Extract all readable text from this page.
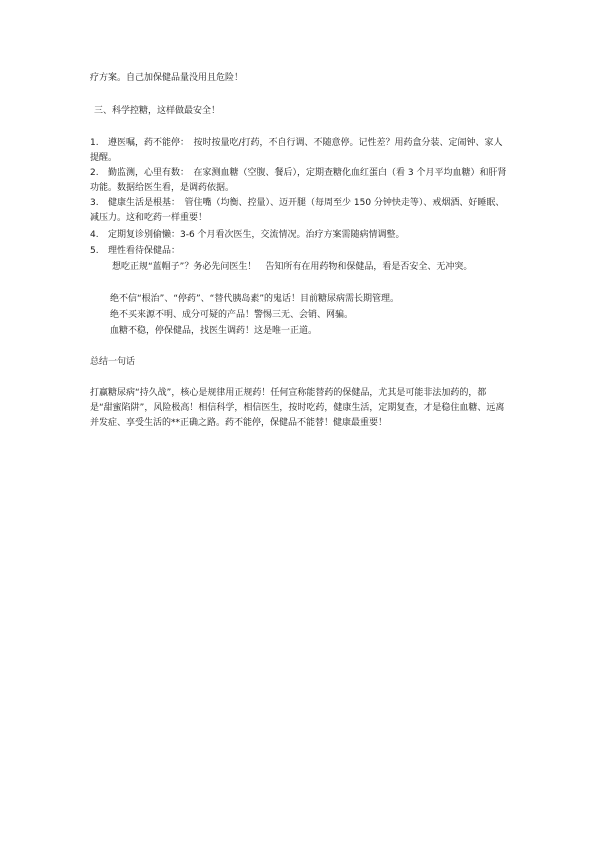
疗方案。自己加保健品量没用且危险！
三、科学控糖，这样做最安全！
1. 遵医嘱，药不能停：　按时按量吃/打药，不自行调、不随意停。记性差？用药盒分装、定闹钟、家人提醒。
2. 勤监测，心里有数：　在家测血糖（空腹、餐后），定期查糖化血红蛋白（看 3 个月平均血糖）和肝肾功能。数据给医生看，是调药依据。
3. 健康生活是根基：　管住嘴（均衡、控量）、迈开腿（每周至少 150 分钟快走等）、戒烟酒、好睡眠、减压力。这和吃药一样重要！
4. 定期复诊别偷懒：3-6 个月看次医生，交流情况。治疗方案需随病情调整。
5. 理性看待保健品：
想吃正规“蓝帽子”？务必先问医生！　告知所有在用药物和保健品，看是否安全、无冲突。
绝不信“根治”、“停药”、“替代胰岛素”的鬼话！目前糖尿病需长期管理。
绝不买来源不明、成分可疑的产品！警惕三无、会销、网骗。
血糖不稳，停保健品，找医生调药！这是唯一正道。
总结一句话
打赢糖尿病“持久战”，核心是规律用正规药！任何宣称能替药的保健品，尤其是可能非法加药的，都是“甜蜜陷阱”，风险极高！相信科学，相信医生，按时吃药，健康生活，定期复查，才是稳住血糖、远离并发症、享受生活的**正确之路。药不能停，保健品不能替！健康最重要！
